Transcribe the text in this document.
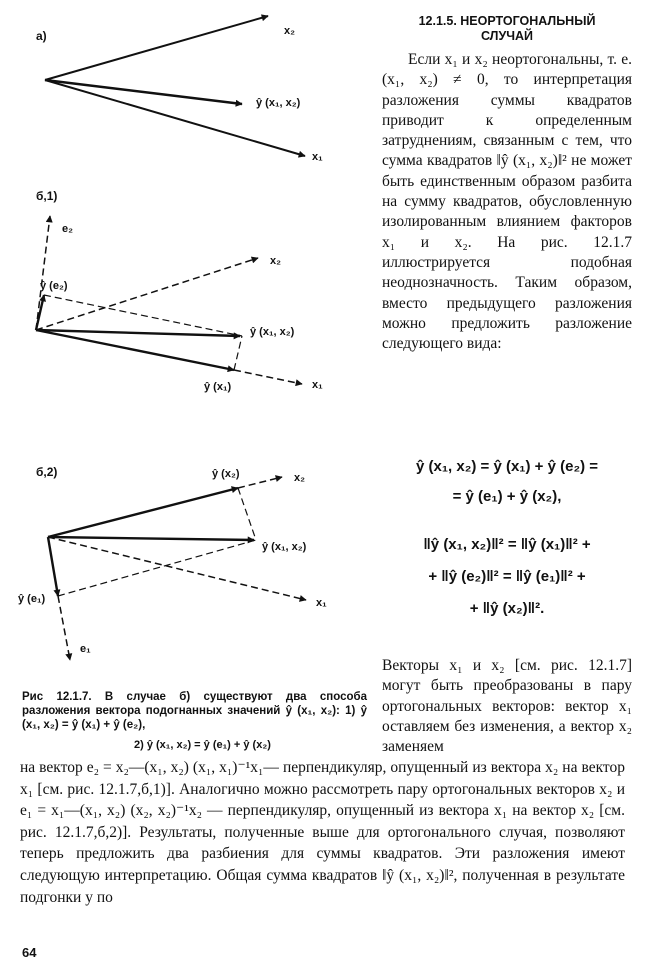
а)	x₂
ŷ (x₁, x₂)
x₁
б,1)
e₂
x₂
ŷ (e₂)
ŷ (x₁, x₂)
ŷ (x₁)	x₁
б,2)	ŷ (x₂)	x₂
ŷ (x₁, x₂)
x₁
ŷ (e₁)
e₁
12.1.5. НЕОРТОГОНАЛЬНЫЙ
СЛУЧАЙ

Если x₁ и x₂ неортогональны, т. е. (x₁, x₂) ≠ 0, то интерпретация разложения суммы квадратов приводит к определенным затруднениям, связанным с тем, что сумма квадратов ‖ŷ (x₁, x₂)‖² не может быть единственным образом разбита на сумму квадратов, обусловленную изолированным влиянием факторов x₁ и x₂. На рис. 12.1.7 иллюстрируется подобная неоднозначность. Таким образом, вместо предыдущего разложения можно предложить разложение следующего вида:

ŷ (x₁, x₂) = ŷ (x₁) + ŷ (e₂) =
= ŷ (e₁) + ŷ (x₂),
‖ŷ (x₁, x₂)‖² = ‖ŷ (x₁)‖² +
+ ‖ŷ (e₂)‖² = ‖ŷ (e₁)‖² +
+ ‖ŷ (x₂)‖².

Векторы x₁ и x₂ [см. рис. 12.1.7] могут быть преобразованы в пару ортогональных векторов: вектор x₁ оставляем без изменения, а вектор x₂ заменяем

Рис 12.1.7. В случае б) существуют два способа разложения вектора подогнанных значений ŷ (x₁, x₂): 1) ŷ (x₁, x₂) = ŷ (x₁) + ŷ (e₂),

2) ŷ (x₁, x₂) = ŷ (e₁) + ŷ (x₂)

на вектор e₂ = x₂—(x₁, x₂) (x₁, x₁)⁻¹x₁— перпендикуляр, опущенный из вектора x₂ на вектор x₁ [см. рис. 12.1.7,б,1)]. Аналогично можно рассмотреть пару ортогональных векторов x₂ и e₁ = x₁—(x₁, x₂) (x₂, x₂)⁻¹x₂ — перпендикуляр, опущенный из вектора x₁ на вектор x₂ [см. рис. 12.1.7,б,2)]. Результаты, полученные выше для ортогонального случая, позволяют теперь предложить два разбиения для суммы квадратов. Эти разложения имеют следующую интерпретацию. Общая сумма квадратов ‖ŷ (x₁, x₂)‖², полученная в результате подгонки y по

64
